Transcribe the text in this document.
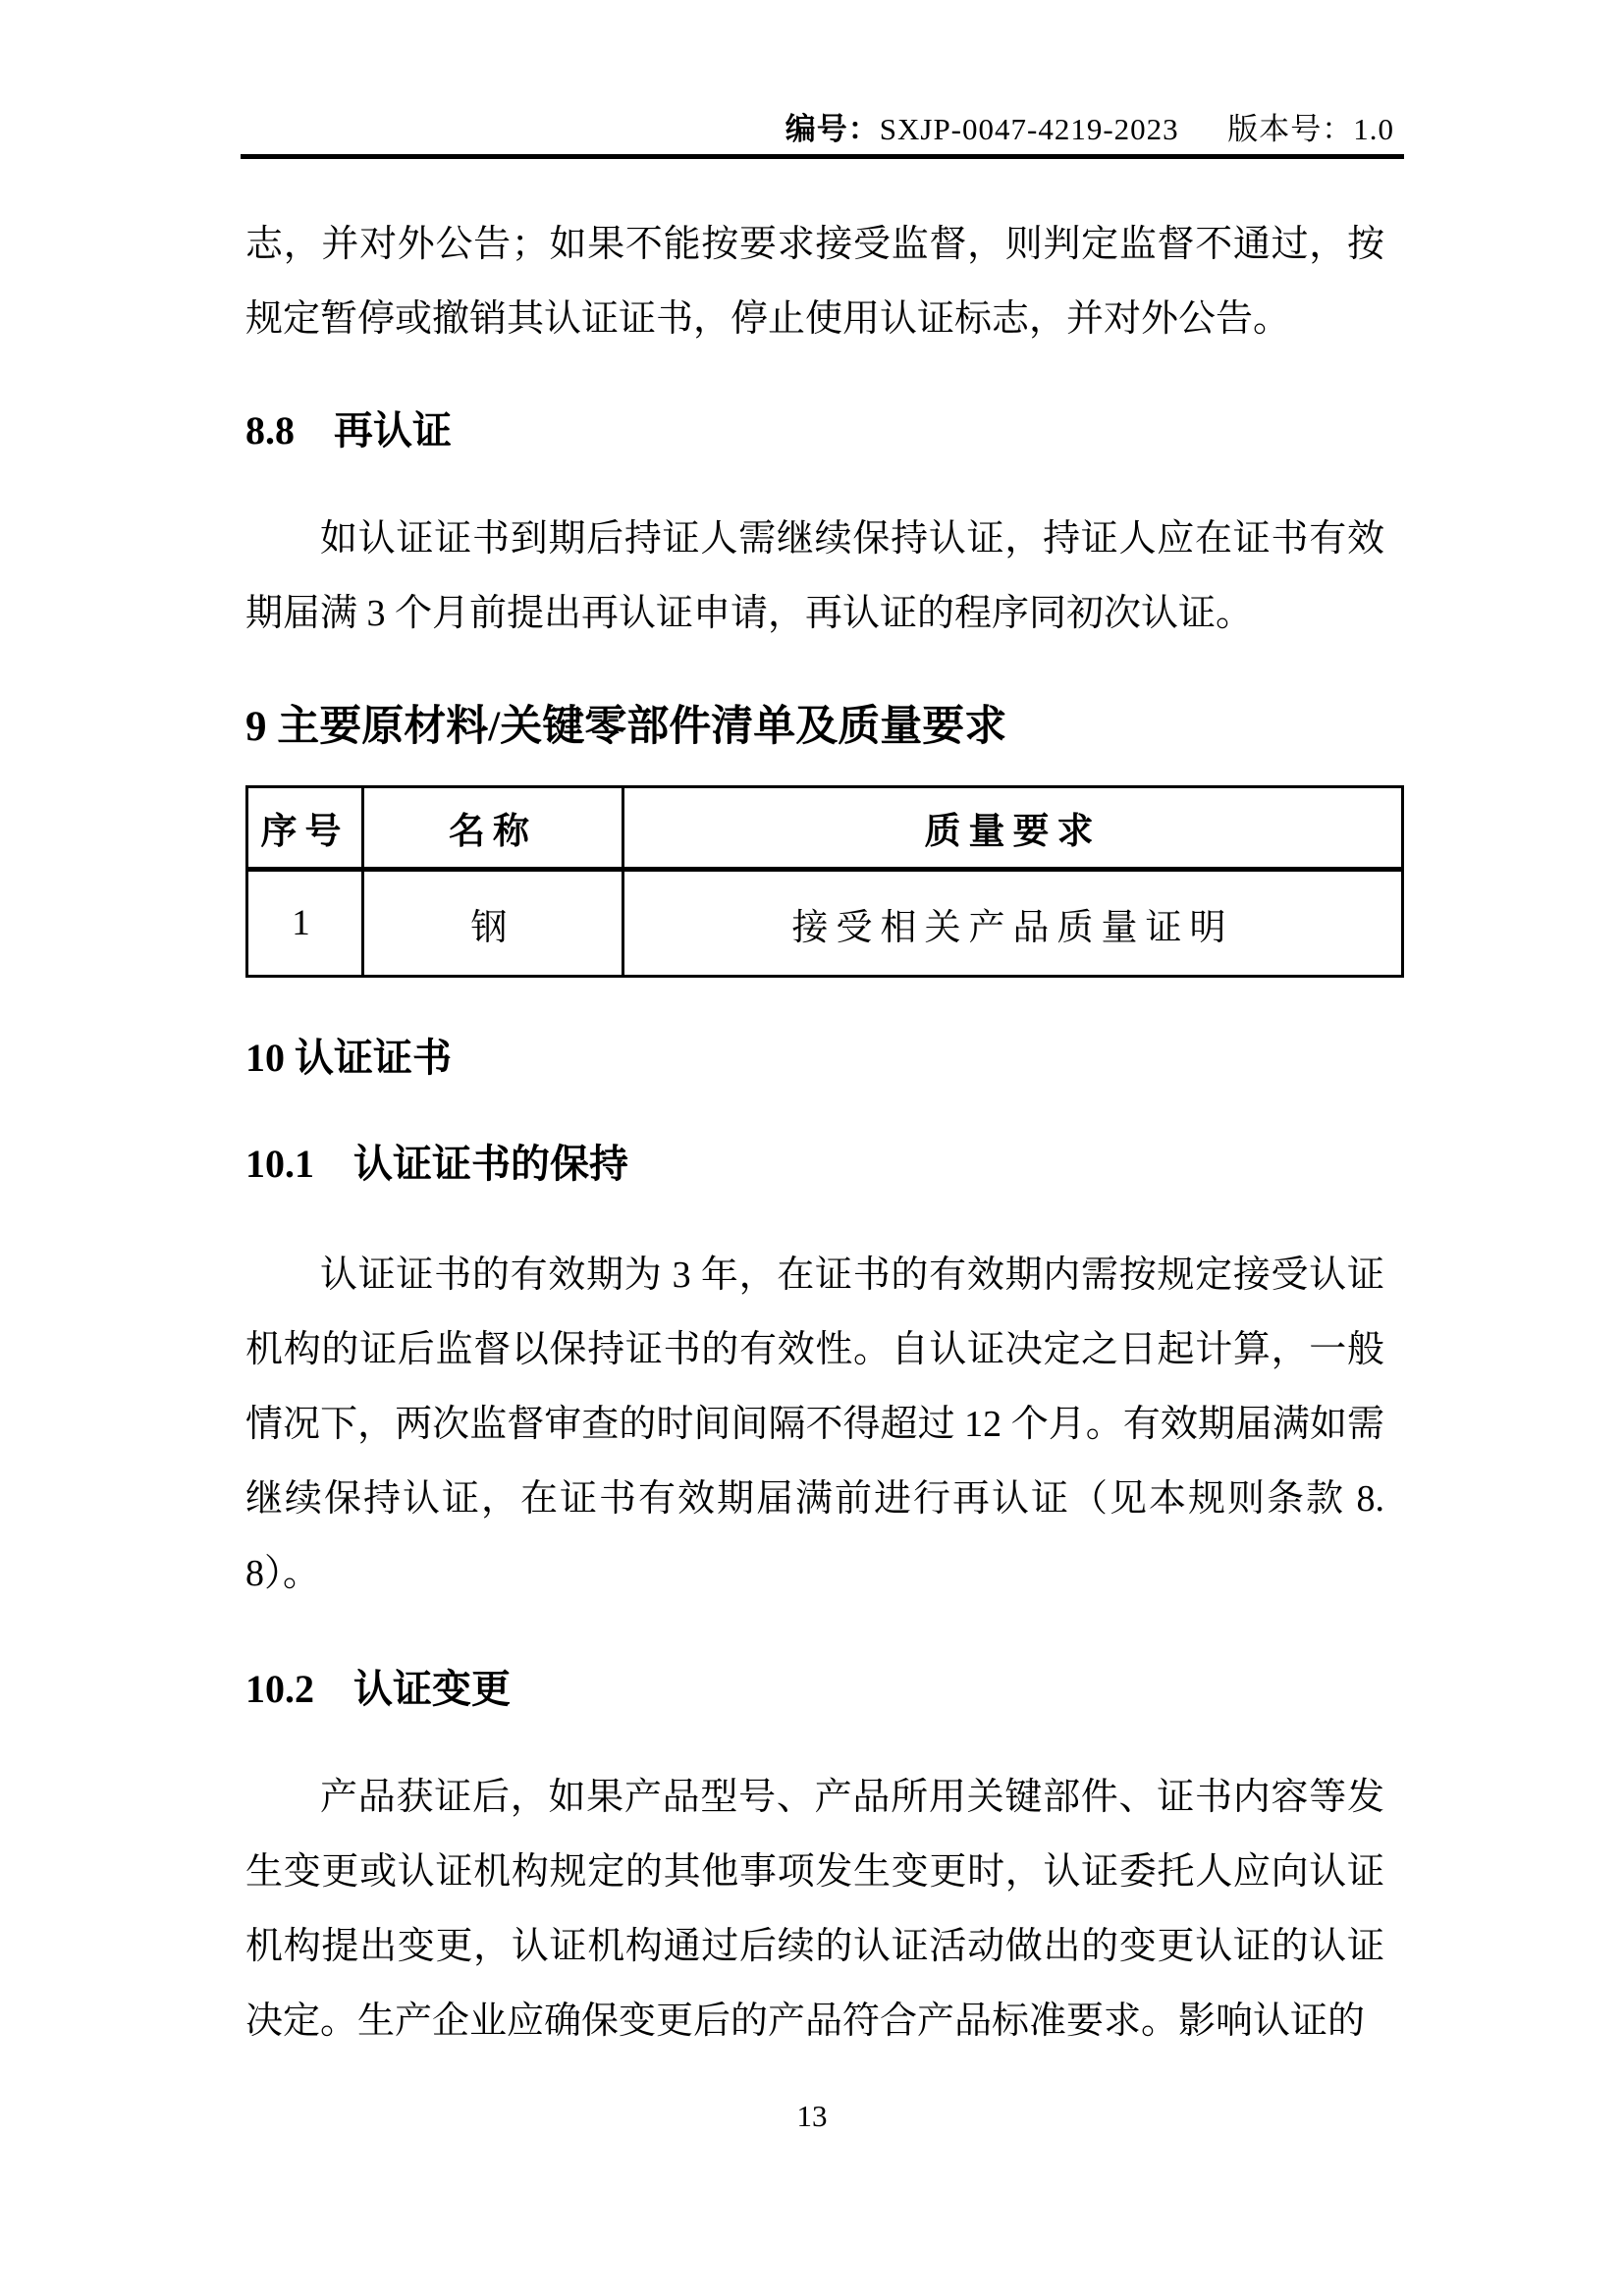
编号：SXJP-0047-4219-2023 版本号：1.0

志，并对外公告；如果不能按要求接受监督，则判定监督不通过，按规定暂停或撤销其认证证书，停止使用认证标志，并对外公告。

8.8　再认证

如认证证书到期后持证人需继续保持认证，持证人应在证书有效期届满 3 个月前提出再认证申请，再认证的程序同初次认证。

9 主要原材料/关键零部件清单及质量要求
序号	名称	质量要求
1	钢	接受相关产品质量证明
10 认证证书
10.1　认证证书的保持

认证证书的有效期为 3 年，在证书的有效期内需按规定接受认证机构的证后监督以保持证书的有效性。自认证决定之日起计算，一般情况下，两次监督审查的时间间隔不得超过 12 个月。有效期届满如需继续保持认证，在证书有效期届满前进行再认证（见本规则条款 8.8）。

10.2　认证变更

产品获证后，如果产品型号、产品所用关键部件、证书内容等发生变更或认证机构规定的其他事项发生变更时，认证委托人应向认证机构提出变更，认证机构通过后续的认证活动做出的变更认证的认证决定。生产企业应确保变更后的产品符合产品标准要求。影响认证的

13
